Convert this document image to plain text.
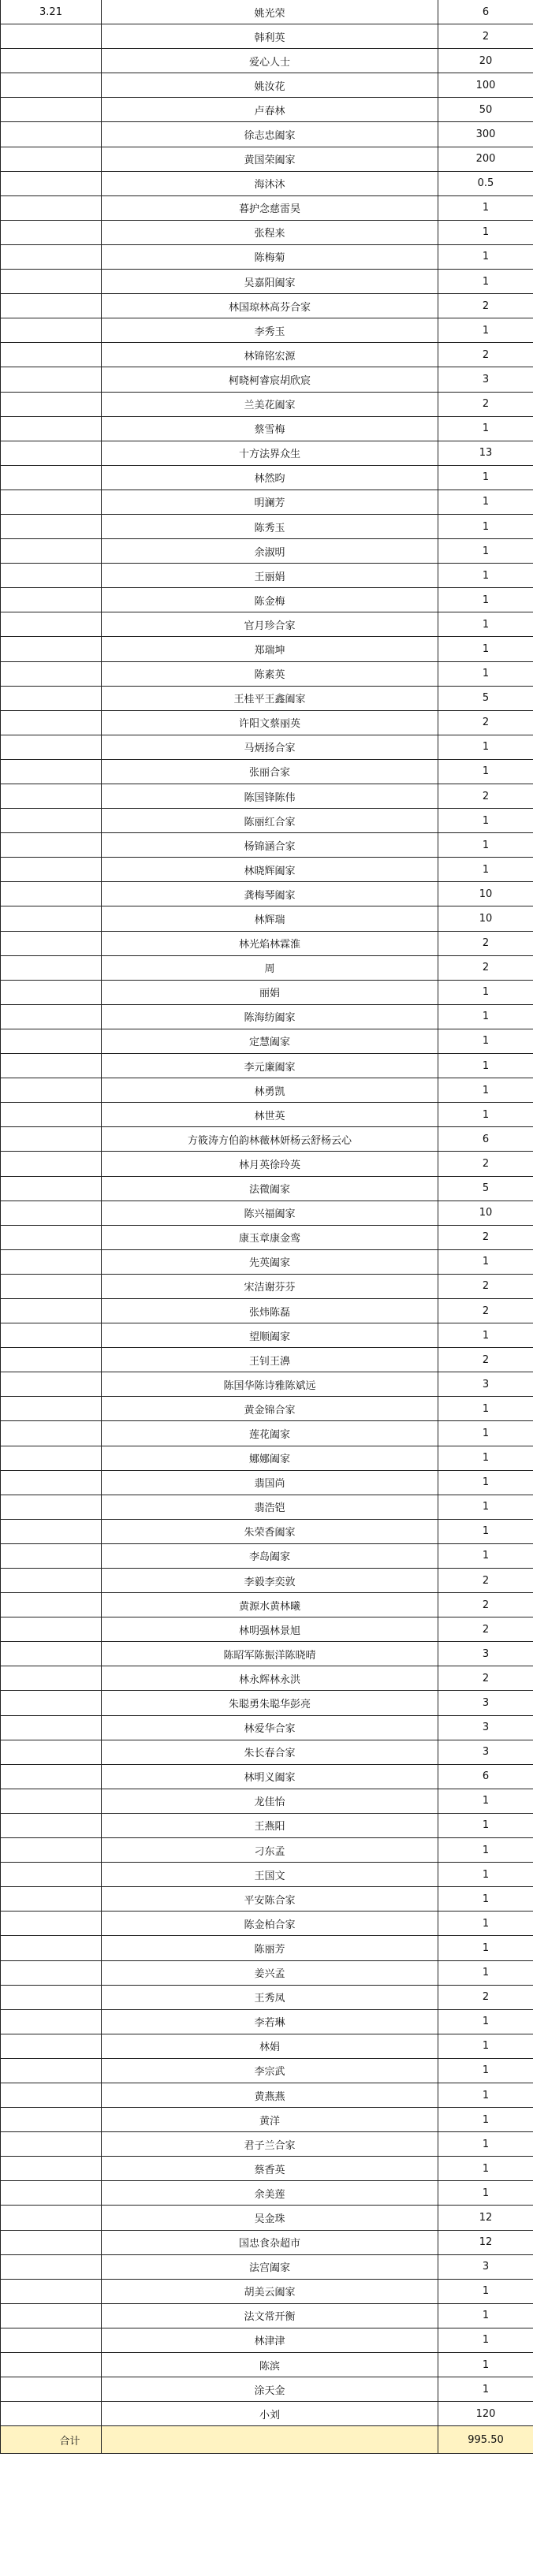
3.21	姚光荣	6
	韩利英	2
	爱心人士	20
	姚汝花	100
	卢春林	50
	徐志忠阖家	300
	黄国荣阖家	200
	海沐沐	0.5
	暮护念慈雷昊	1
	张程来	1
	陈梅菊	1
	吴嘉阳阖家	1
	林国琼林高芬合家	2
	李秀玉	1
	林锦铭宏源	2
	柯晓柯睿宸胡欣宸	3
	兰美花阖家	2
	蔡雪梅	1
	十方法界众生	13
	林然昀	1
	明澜芳	1
	陈秀玉	1
	余淑明	1
	王丽娟	1
	陈金梅	1
	官月珍合家	1
	郑瑞坤	1
	陈素英	1
	王桂平王鑫阖家	5
	许阳文蔡丽英	2
	马炳扬合家	1
	张丽合家	1
	陈国锋陈伟	2
	陈丽红合家	1
	杨锦涵合家	1
	林晓辉阖家	1
	龚梅琴阖家	10
	林辉瑞	10
	林光焰林霖淮	2
	周	2
	丽娟	1
	陈海纺阖家	1
	定慧阖家	1
	李元廉阖家	1
	林勇凯	1
	林世英	1
	方筱涛方伯韵林薇林妍杨云舒杨云心	6
	林月英徐玲英	2
	法微阖家	5
	陈兴福阖家	10
	康玉章康金鸾	2
	先英阖家	1
	宋洁谢芬芬	2
	张炜陈磊	2
	望顺阖家	1
	王钊王濞	2
	陈国华陈诗雅陈斌远	3
	黄金锦合家	1
	莲花阖家	1
	娜娜阖家	1
	翡国尚	1
	翡浩铠	1
	朱荣香阖家	1
	李岛阖家	1
	李毅李奕敦	2
	黄源水黄林曦	2
	林明强林景旭	2
	陈昭军陈振洋陈晓晴	3
	林永辉林永洪	2
	朱聪勇朱聪华彭亮	3
	林爱华合家	3
	朱长春合家	3
	林明义阖家	6
	龙佳怡	1
	王燕阳	1
	刁东孟	1
	王国文	1
	平安陈合家	1
	陈金柏合家	1
	陈丽芳	1
	姜兴孟	1
	王秀凤	2
	李若琳	1
	林娟	1
	李宗武	1
	黄燕燕	1
	黄洋	1
	君子兰合家	1
	蔡香英	1
	余美莲	1
	吴金珠	12
	国忠食杂超市	12
	法宫阖家	3
	胡美云阖家	1
	法文常开衡	1
	林津津	1
	陈滨	1
	涂天金	1
	小刘	120
合计		995.50
